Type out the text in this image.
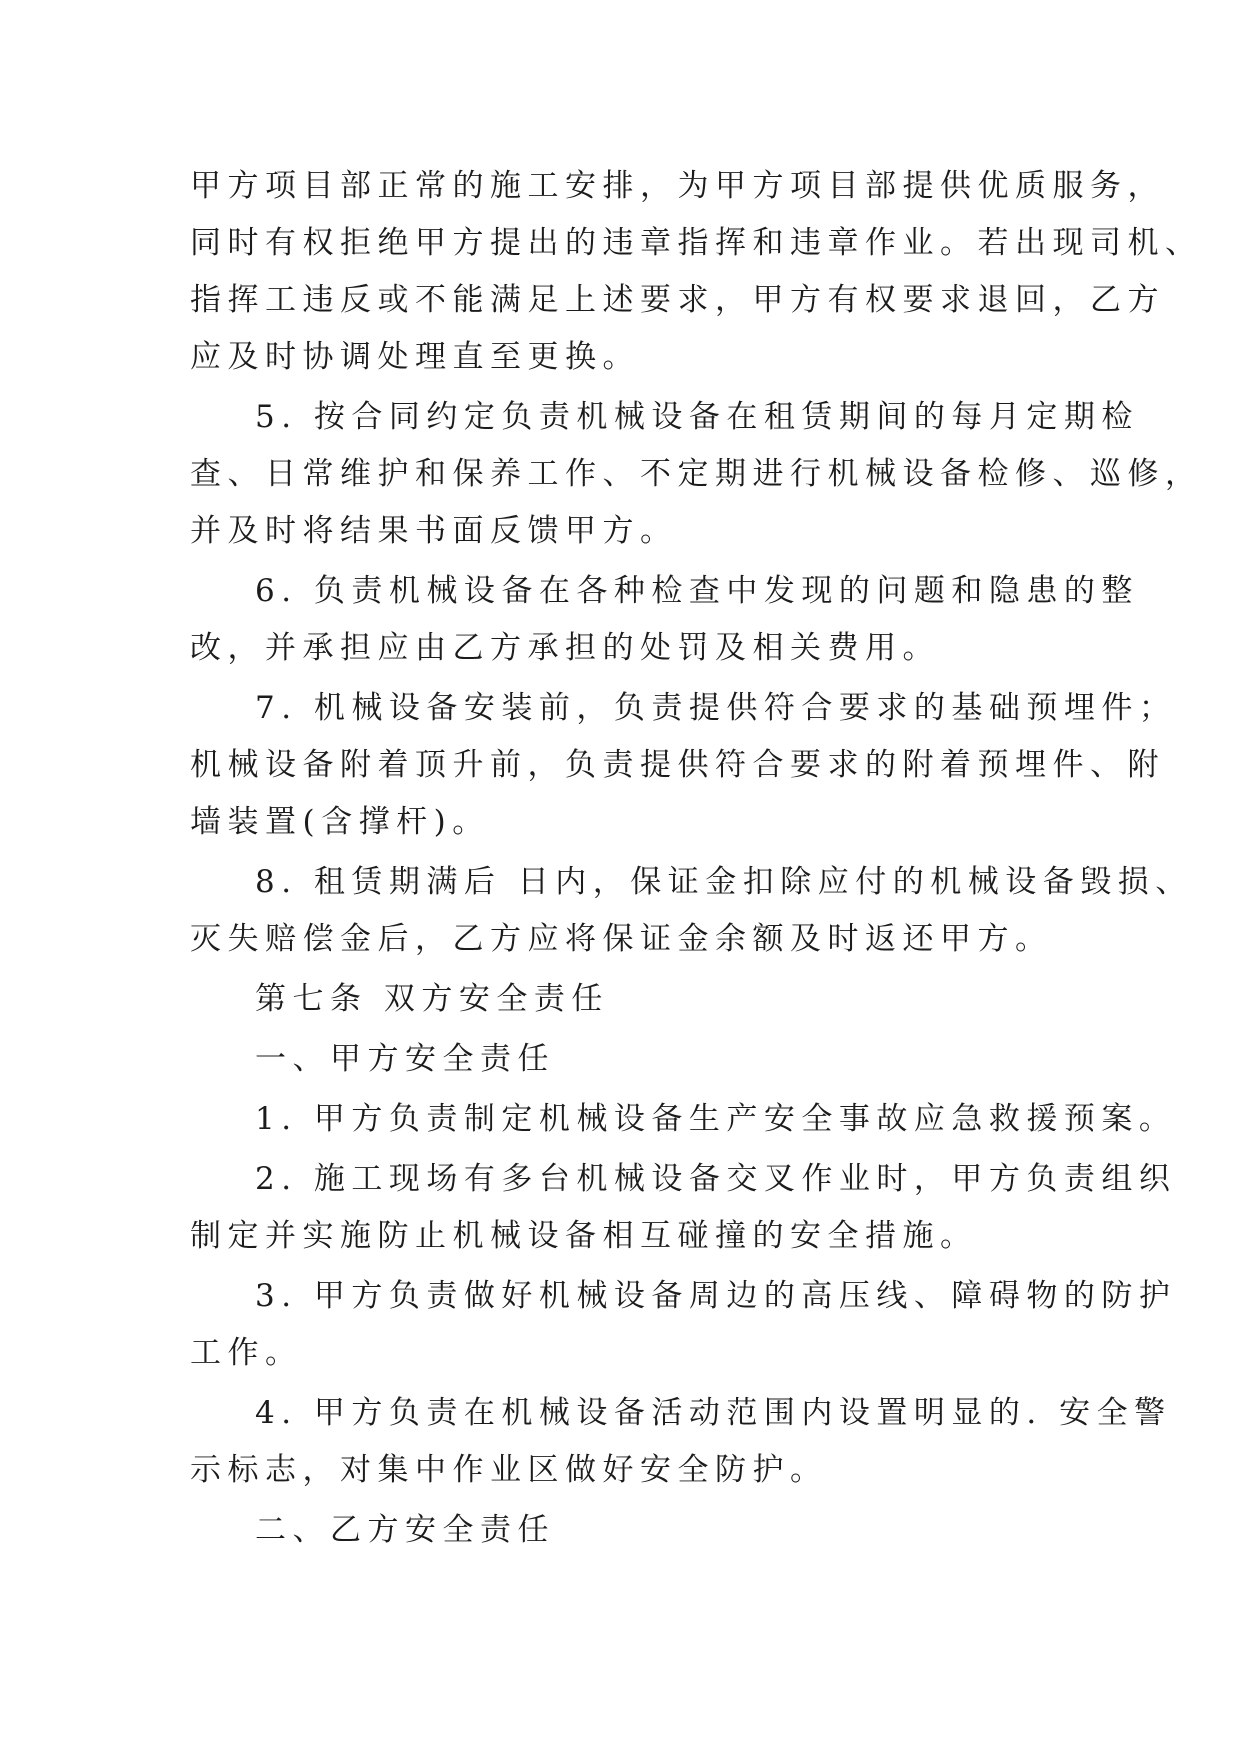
甲方项目部正常的施工安排，为甲方项目部提供优质服务，

同时有权拒绝甲方提出的违章指挥和违章作业。若出现司机、

指挥工违反或不能满足上述要求，甲方有权要求退回，乙方

应及时协调处理直至更换。

5. 按合同约定负责机械设备在租赁期间的每月定期检

查、日常维护和保养工作、不定期进行机械设备检修、巡修，

并及时将结果书面反馈甲方。

6. 负责机械设备在各种检查中发现的问题和隐患的整

改，并承担应由乙方承担的处罚及相关费用。

7. 机械设备安装前，负责提供符合要求的基础预埋件；

机械设备附着顶升前，负责提供符合要求的附着预埋件、附

墙装置(含撑杆)。

8. 租赁期满后 日内，保证金扣除应付的机械设备毁损、

灭失赔偿金后，乙方应将保证金余额及时返还甲方。

第七条 双方安全责任

一、甲方安全责任

1. 甲方负责制定机械设备生产安全事故应急救援预案。

2. 施工现场有多台机械设备交叉作业时，甲方负责组织

制定并实施防止机械设备相互碰撞的安全措施。

3. 甲方负责做好机械设备周边的高压线、障碍物的防护

工作。

4. 甲方负责在机械设备活动范围内设置明显的. 安全警

示标志，对集中作业区做好安全防护。

二、乙方安全责任
